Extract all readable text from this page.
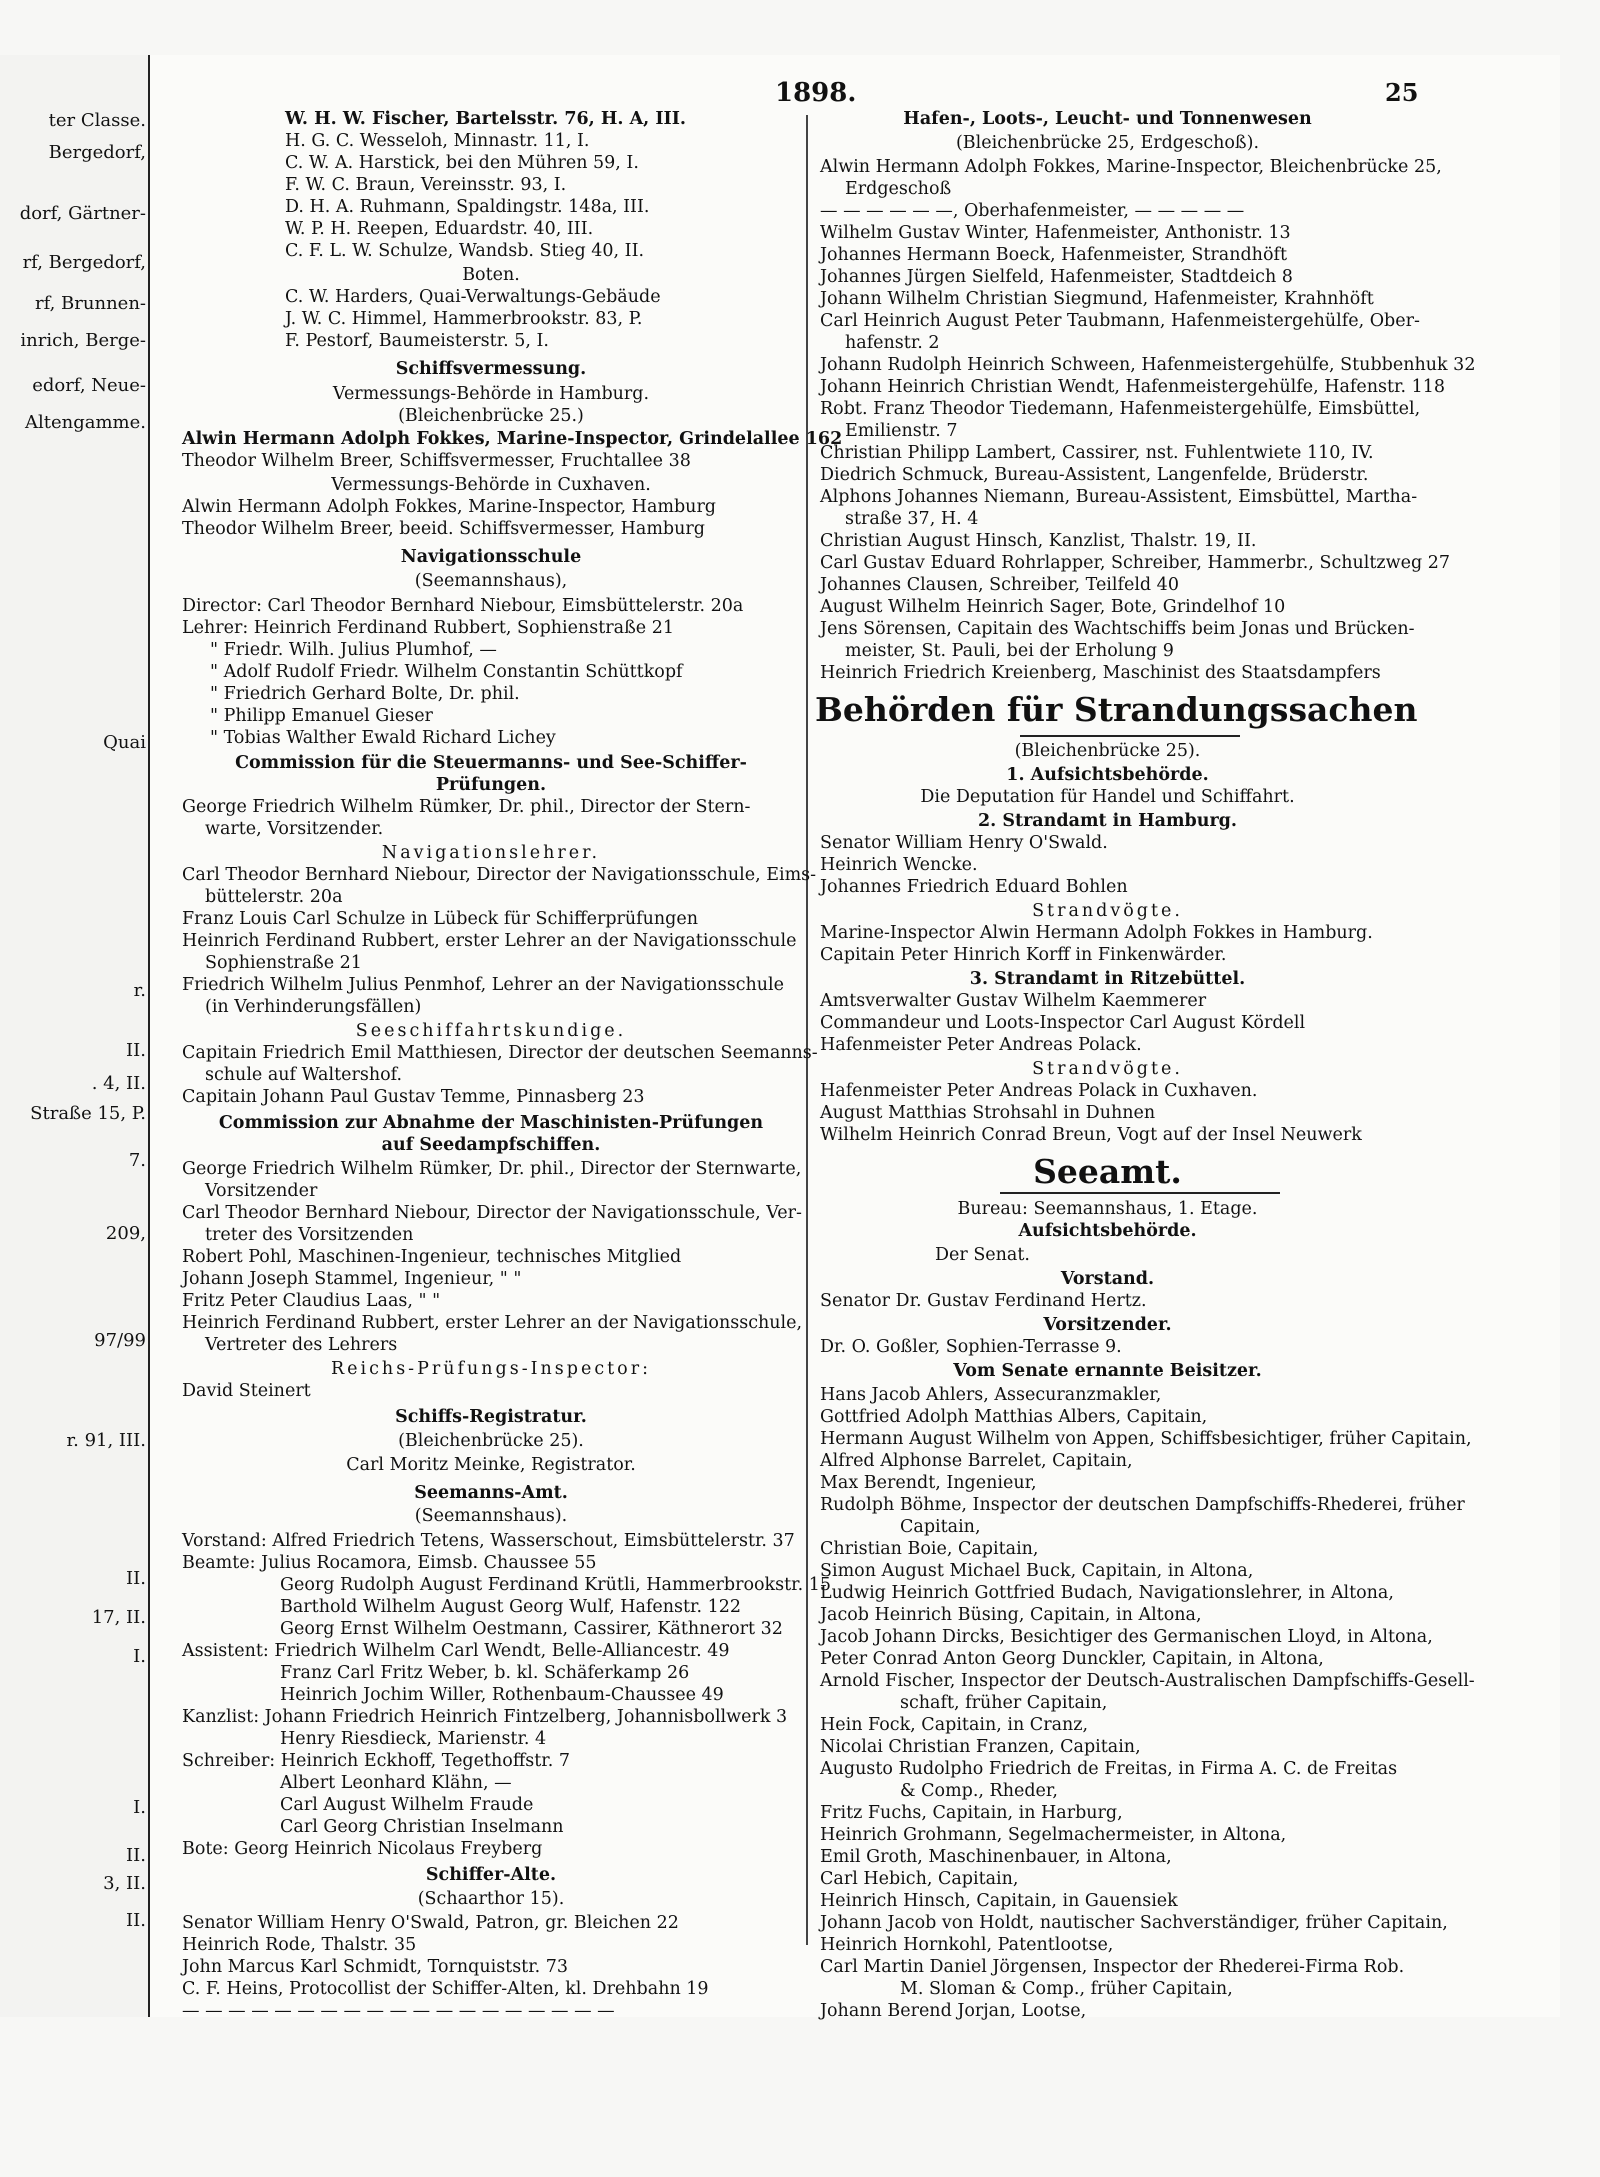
1898.	25
ter Classe.
Bergedorf,
dorf, Gärtner-
rf, Bergedorf,
rf, Brunnen-
inrich, Berge-
edorf, Neue-
Altengamme.
Quai
r.
II.
. 4, II.
Straße 15, P.
7.
209,
97/99
r. 91, III.
II.
17, II.
I.
I.
II.
3, II.
II.
W. H. W. Fischer, Bartelsstr. 76, H. A, III.
H. G. C. Wesseloh, Minnastr. 11, I.
C. W. A. Harstick, bei den Mühren 59, I.
F. W. C. Braun, Vereinsstr. 93, I.
D. H. A. Ruhmann, Spaldingstr. 148a, III.
W. P. H. Reepen, Eduardstr. 40, III.
C. F. L. W. Schulze, Wandsb. Stieg 40, II.
Boten.
C. W. Harders, Quai-Verwaltungs-Gebäude
J. W. C. Himmel, Hammerbrookstr. 83, P.
F. Pestorf, Baumeisterstr. 5, I.
Schiffsvermessung.
Vermessungs-Behörde in Hamburg.
(Bleichenbrücke 25.)
Alwin Hermann Adolph Fokkes, Marine-Inspector, Grindelallee 162
Theodor Wilhelm Breer, Schiffsvermesser, Fruchtallee 38
Vermessungs-Behörde in Cuxhaven.
Alwin Hermann Adolph Fokkes, Marine-Inspector, Hamburg
Theodor Wilhelm Breer, beeid. Schiffsvermesser, Hamburg
Navigationsschule
(Seemannshaus),
Director: Carl Theodor Bernhard Niebour, Eimsbüttelerstr. 20a
Lehrer: Heinrich Ferdinand Rubbert, Sophienstraße 21
" Friedr. Wilh. Julius Plumhof, —
" Adolf Rudolf Friedr. Wilhelm Constantin Schüttkopf
" Friedrich Gerhard Bolte, Dr. phil.
" Philipp Emanuel Gieser
" Tobias Walther Ewald Richard Lichey
Commission für die Steuermanns- und See-Schiffer-
Prüfungen.
George Friedrich Wilhelm Rümker, Dr. phil., Director der Stern-
warte, Vorsitzender.
Navigationslehrer.
Carl Theodor Bernhard Niebour, Director der Navigationsschule, Eims-
büttelerstr. 20a
Franz Louis Carl Schulze in Lübeck für Schifferprüfungen
Heinrich Ferdinand Rubbert, erster Lehrer an der Navigationsschule
Sophienstraße 21
Friedrich Wilhelm Julius Penmhof, Lehrer an der Navigationsschule
(in Verhinderungsfällen)
Seeschiffahrtskundige.
Capitain Friedrich Emil Matthiesen, Director der deutschen Seemanns-
schule auf Waltershof.
Capitain Johann Paul Gustav Temme, Pinnasberg 23
Commission zur Abnahme der Maschinisten-Prüfungen
auf Seedampfschiffen.
George Friedrich Wilhelm Rümker, Dr. phil., Director der Sternwarte,
Vorsitzender
Carl Theodor Bernhard Niebour, Director der Navigationsschule, Ver-
treter des Vorsitzenden
Robert Pohl, Maschinen-Ingenieur, technisches Mitglied
Johann Joseph Stammel, Ingenieur, " "
Fritz Peter Claudius Laas, " "
Heinrich Ferdinand Rubbert, erster Lehrer an der Navigationsschule,
Vertreter des Lehrers
Reichs-Prüfungs-Inspector:
David Steinert
Schiffs-Registratur.
(Bleichenbrücke 25).
Carl Moritz Meinke, Registrator.
Seemanns-Amt.
(Seemannshaus).
Vorstand: Alfred Friedrich Tetens, Wasserschout, Eimsbüttelerstr. 37
Beamte: Julius Rocamora, Eimsb. Chaussee 55
Georg Rudolph August Ferdinand Krütli, Hammerbrookstr. 15
Barthold Wilhelm August Georg Wulf, Hafenstr. 122
Georg Ernst Wilhelm Oestmann, Cassirer, Käthnerort 32
Assistent: Friedrich Wilhelm Carl Wendt, Belle-Alliancestr. 49
Franz Carl Fritz Weber, b. kl. Schäferkamp 26
Heinrich Jochim Willer, Rothenbaum-Chaussee 49
Kanzlist: Johann Friedrich Heinrich Fintzelberg, Johannisbollwerk 3
Henry Riesdieck, Marienstr. 4
Schreiber: Heinrich Eckhoff, Tegethoffstr. 7
Albert Leonhard Klähn, —
Carl August Wilhelm Fraude
Carl Georg Christian Inselmann
Bote: Georg Heinrich Nicolaus Freyberg
Schiffer-Alte.
(Schaarthor 15).
Senator William Henry O'Swald, Patron, gr. Bleichen 22
Heinrich Rode, Thalstr. 35
John Marcus Karl Schmidt, Tornquiststr. 73
C. F. Heins, Protocollist der Schiffer-Alten, kl. Drehbahn 19
— — — — — — — — — — — — — — — — — — —
Hafen-, Loots-, Leucht- und Tonnenwesen
(Bleichenbrücke 25, Erdgeschoß).
Alwin Hermann Adolph Fokkes, Marine-Inspector, Bleichenbrücke 25,
Erdgeschoß
— — — — — —, Oberhafenmeister, — — — — —
Wilhelm Gustav Winter, Hafenmeister, Anthonistr. 13
Johannes Hermann Boeck, Hafenmeister, Strandhöft
Johannes Jürgen Sielfeld, Hafenmeister, Stadtdeich 8
Johann Wilhelm Christian Siegmund, Hafenmeister, Krahnhöft
Carl Heinrich August Peter Taubmann, Hafenmeistergehülfe, Ober-
hafenstr. 2
Johann Rudolph Heinrich Schween, Hafenmeistergehülfe, Stubbenhuk 32
Johann Heinrich Christian Wendt, Hafenmeistergehülfe, Hafenstr. 118
Robt. Franz Theodor Tiedemann, Hafenmeistergehülfe, Eimsbüttel,
Emilienstr. 7
Christian Philipp Lambert, Cassirer, nst. Fuhlentwiete 110, IV.
Diedrich Schmuck, Bureau-Assistent, Langenfelde, Brüderstr.
Alphons Johannes Niemann, Bureau-Assistent, Eimsbüttel, Martha-
straße 37, H. 4
Christian August Hinsch, Kanzlist, Thalstr. 19, II.
Carl Gustav Eduard Rohrlapper, Schreiber, Hammerbr., Schultzweg 27
Johannes Clausen, Schreiber, Teilfeld 40
August Wilhelm Heinrich Sager, Bote, Grindelhof 10
Jens Sörensen, Capitain des Wachtschiffs beim Jonas und Brücken-
meister, St. Pauli, bei der Erholung 9
Heinrich Friedrich Kreienberg, Maschinist des Staatsdampfers
Behörden für Strandungssachen
(Bleichenbrücke 25).
1. Aufsichtsbehörde.
Die Deputation für Handel und Schiffahrt.
2. Strandamt in Hamburg.
Senator William Henry O'Swald.
Heinrich Wencke.
Johannes Friedrich Eduard Bohlen
Strandvögte.
Marine-Inspector Alwin Hermann Adolph Fokkes in Hamburg.
Capitain Peter Hinrich Korff in Finkenwärder.
3. Strandamt in Ritzebüttel.
Amtsverwalter Gustav Wilhelm Kaemmerer
Commandeur und Loots-Inspector Carl August Kördell
Hafenmeister Peter Andreas Polack.
Strandvögte.
Hafenmeister Peter Andreas Polack in Cuxhaven.
August Matthias Strohsahl in Duhnen
Wilhelm Heinrich Conrad Breun, Vogt auf der Insel Neuwerk
Seeamt.
Bureau: Seemannshaus, 1. Etage.
Aufsichtsbehörde.
Der Senat.
Vorstand.
Senator Dr. Gustav Ferdinand Hertz.
Vorsitzender.
Dr. O. Goßler, Sophien-Terrasse 9.
Vom Senate ernannte Beisitzer.
Hans Jacob Ahlers, Assecuranzmakler,
Gottfried Adolph Matthias Albers, Capitain,
Hermann August Wilhelm von Appen, Schiffsbesichtiger, früher Capitain,
Alfred Alphonse Barrelet, Capitain,
Max Berendt, Ingenieur,
Rudolph Böhme, Inspector der deutschen Dampfschiffs-Rhederei, früher
Capitain,
Christian Boie, Capitain,
Simon August Michael Buck, Capitain, in Altona,
Ludwig Heinrich Gottfried Budach, Navigationslehrer, in Altona,
Jacob Heinrich Büsing, Capitain, in Altona,
Jacob Johann Dircks, Besichtiger des Germanischen Lloyd, in Altona,
Peter Conrad Anton Georg Dunckler, Capitain, in Altona,
Arnold Fischer, Inspector der Deutsch-Australischen Dampfschiffs-Gesell-
schaft, früher Capitain,
Hein Fock, Capitain, in Cranz,
Nicolai Christian Franzen, Capitain,
Augusto Rudolpho Friedrich de Freitas, in Firma A. C. de Freitas
& Comp., Rheder,
Fritz Fuchs, Capitain, in Harburg,
Heinrich Grohmann, Segelmachermeister, in Altona,
Emil Groth, Maschinenbauer, in Altona,
Carl Hebich, Capitain,
Heinrich Hinsch, Capitain, in Gauensiek
Johann Jacob von Holdt, nautischer Sachverständiger, früher Capitain,
Heinrich Hornkohl, Patentlootse,
Carl Martin Daniel Jörgensen, Inspector der Rhederei-Firma Rob.
M. Sloman & Comp., früher Capitain,
Johann Berend Jorjan, Lootse,
